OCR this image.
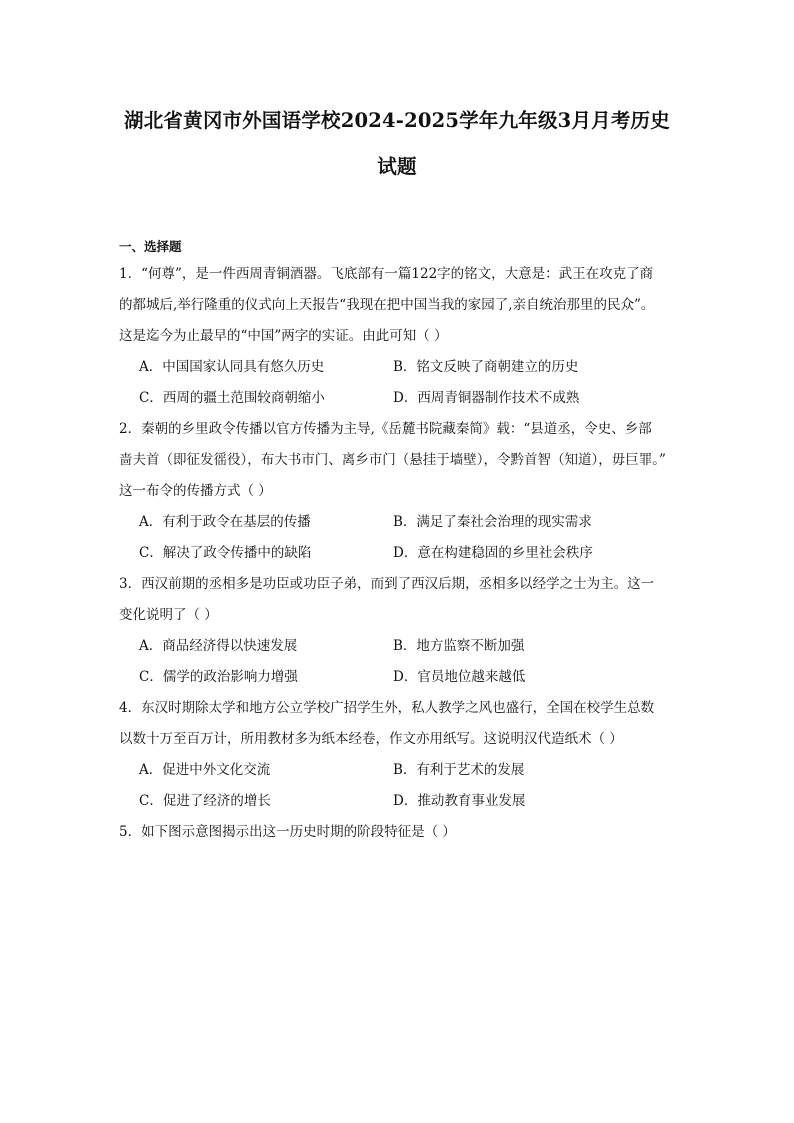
湖北省黄冈市外国语学校2024-2025学年九年级3月月考历史
试题
一、选择题
1．“何尊”，是一件西周青铜酒器。飞底部有一篇122字的铭文，大意是：武王在攻克了商
的都城后,举行隆重的仪式向上天报告“我现在把中国当我的家园了,亲自统治那里的民众”。
这是迄今为止最早的“中国”两字的实证。由此可知（ ）
A．中国国家认同具有悠久历史	B．铭文反映了商朝建立的历史
C．西周的疆土范围较商朝缩小	D．西周青铜器制作技术不成熟
2．秦朝的乡里政令传播以官方传播为主导,《岳麓书院藏秦简》载：“县道丞，令史、乡部
啬夫首（即征发徭役），布大书市门、离乡市门（悬挂于墙壁），令黔首智（知道），毋巨罪。”
这一布令的传播方式（ ）
A．有利于政令在基层的传播	B．满足了秦社会治理的现实需求
C．解决了政令传播中的缺陷	D．意在构建稳固的乡里社会秩序
3．西汉前期的丞相多是功臣或功臣子弟，而到了西汉后期，丞相多以经学之士为主。这一
变化说明了（ ）
A．商品经济得以快速发展	B．地方监察不断加强
C．儒学的政治影响力增强	D．官员地位越来越低
4．东汉时期除太学和地方公立学校广招学生外，私人教学之风也盛行，全国在校学生总数
以数十万至百万计，所用教材多为纸本经卷，作文亦用纸写。这说明汉代造纸术（ ）
A．促进中外文化交流	B．有利于艺术的发展
C．促进了经济的增长	D．推动教育事业发展
5．如下图示意图揭示出这一历史时期的阶段特征是（ ）
